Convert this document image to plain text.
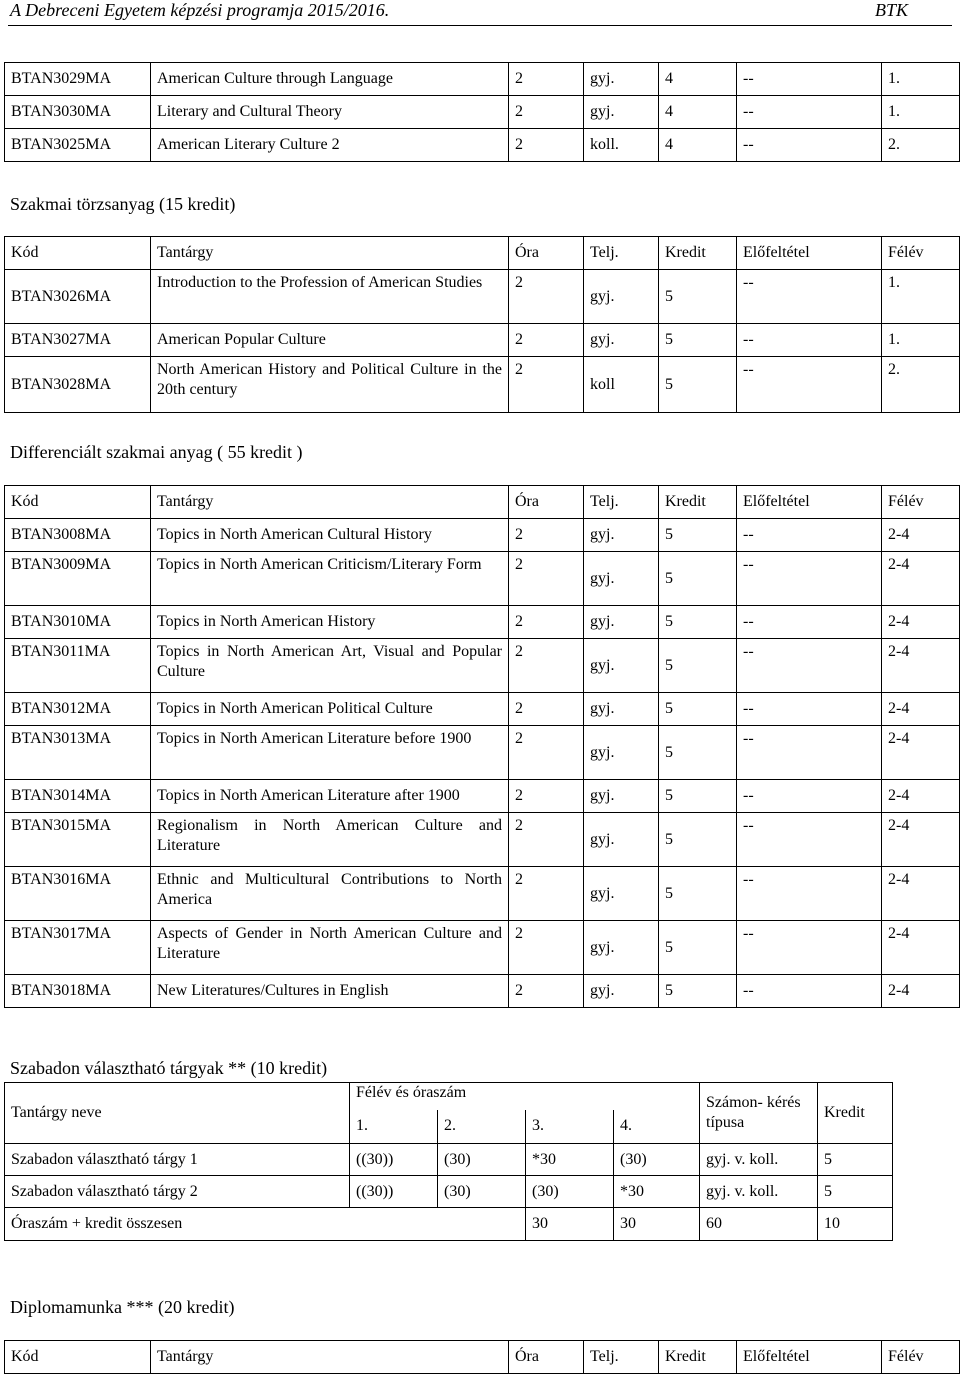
A Debreceni Egyetem képzési programja 2015/2016.	BTK
BTAN3029MA	American Culture through Language	2	gyj.	4	--	1.
BTAN3030MA	Literary and Cultural Theory	2	gyj.	4	--	1.
BTAN3025MA	American Literary Culture 2	2	koll.	4	--	2.
Szakmai törzsanyag (15 kredit)
Kód	Tantárgy	Óra	Telj.	Kredit	Előfeltétel	Félév
BTAN3026MA	Introduction to the Profession of American Studies	2	gyj.	5	--	1.
BTAN3027MA	American Popular Culture	2	gyj.	5	--	1.
BTAN3028MA	North American History and Political Culture in the 20th century	2	koll	5	--	2.
Differenciált szakmai anyag ( 55 kredit )
Kód	Tantárgy	Óra	Telj.	Kredit	Előfeltétel	Félév
BTAN3008MA	Topics in North American Cultural History	2	gyj.	5	--	2-4
BTAN3009MA	Topics in North American Criticism/Literary Form	2	gyj.	5	--	2-4
BTAN3010MA	Topics in North American History	2	gyj.	5	--	2-4
BTAN3011MA	Topics in North American Art, Visual and Popular Culture	2	gyj.	5	--	2-4
BTAN3012MA	Topics in North American Political Culture	2	gyj.	5	--	2-4
BTAN3013MA	Topics in North American Literature before 1900	2	gyj.	5	--	2-4
BTAN3014MA	Topics in North American Literature after 1900	2	gyj.	5	--	2-4
BTAN3015MA	Regionalism in North American Culture and Literature	2	gyj.	5	--	2-4
BTAN3016MA	Ethnic and Multicultural Contributions to North America	2	gyj.	5	--	2-4
BTAN3017MA	Aspects of Gender in North American Culture and Literature	2	gyj.	5	--	2-4
BTAN3018MA	New Literatures/Cultures in English	2	gyj.	5	--	2-4
Szabadon választható tárgyak ** (10 kredit)
Tantárgy neve	Félév és óraszám				Számon- kérés típusa	Kredit
	1.	2.	3.	4.		
Szabadon választható tárgy 1	((30))	(30)	*30	(30)	gyj. v. koll.	5
Szabadon választható tárgy 2	((30))	(30)	(30)	*30	gyj. v. koll.	5
Óraszám + kredit összesen			30	30	60	10
Diplomamunka *** (20 kredit)
Kód	Tantárgy	Óra	Telj.	Kredit	Előfeltétel	Félév
